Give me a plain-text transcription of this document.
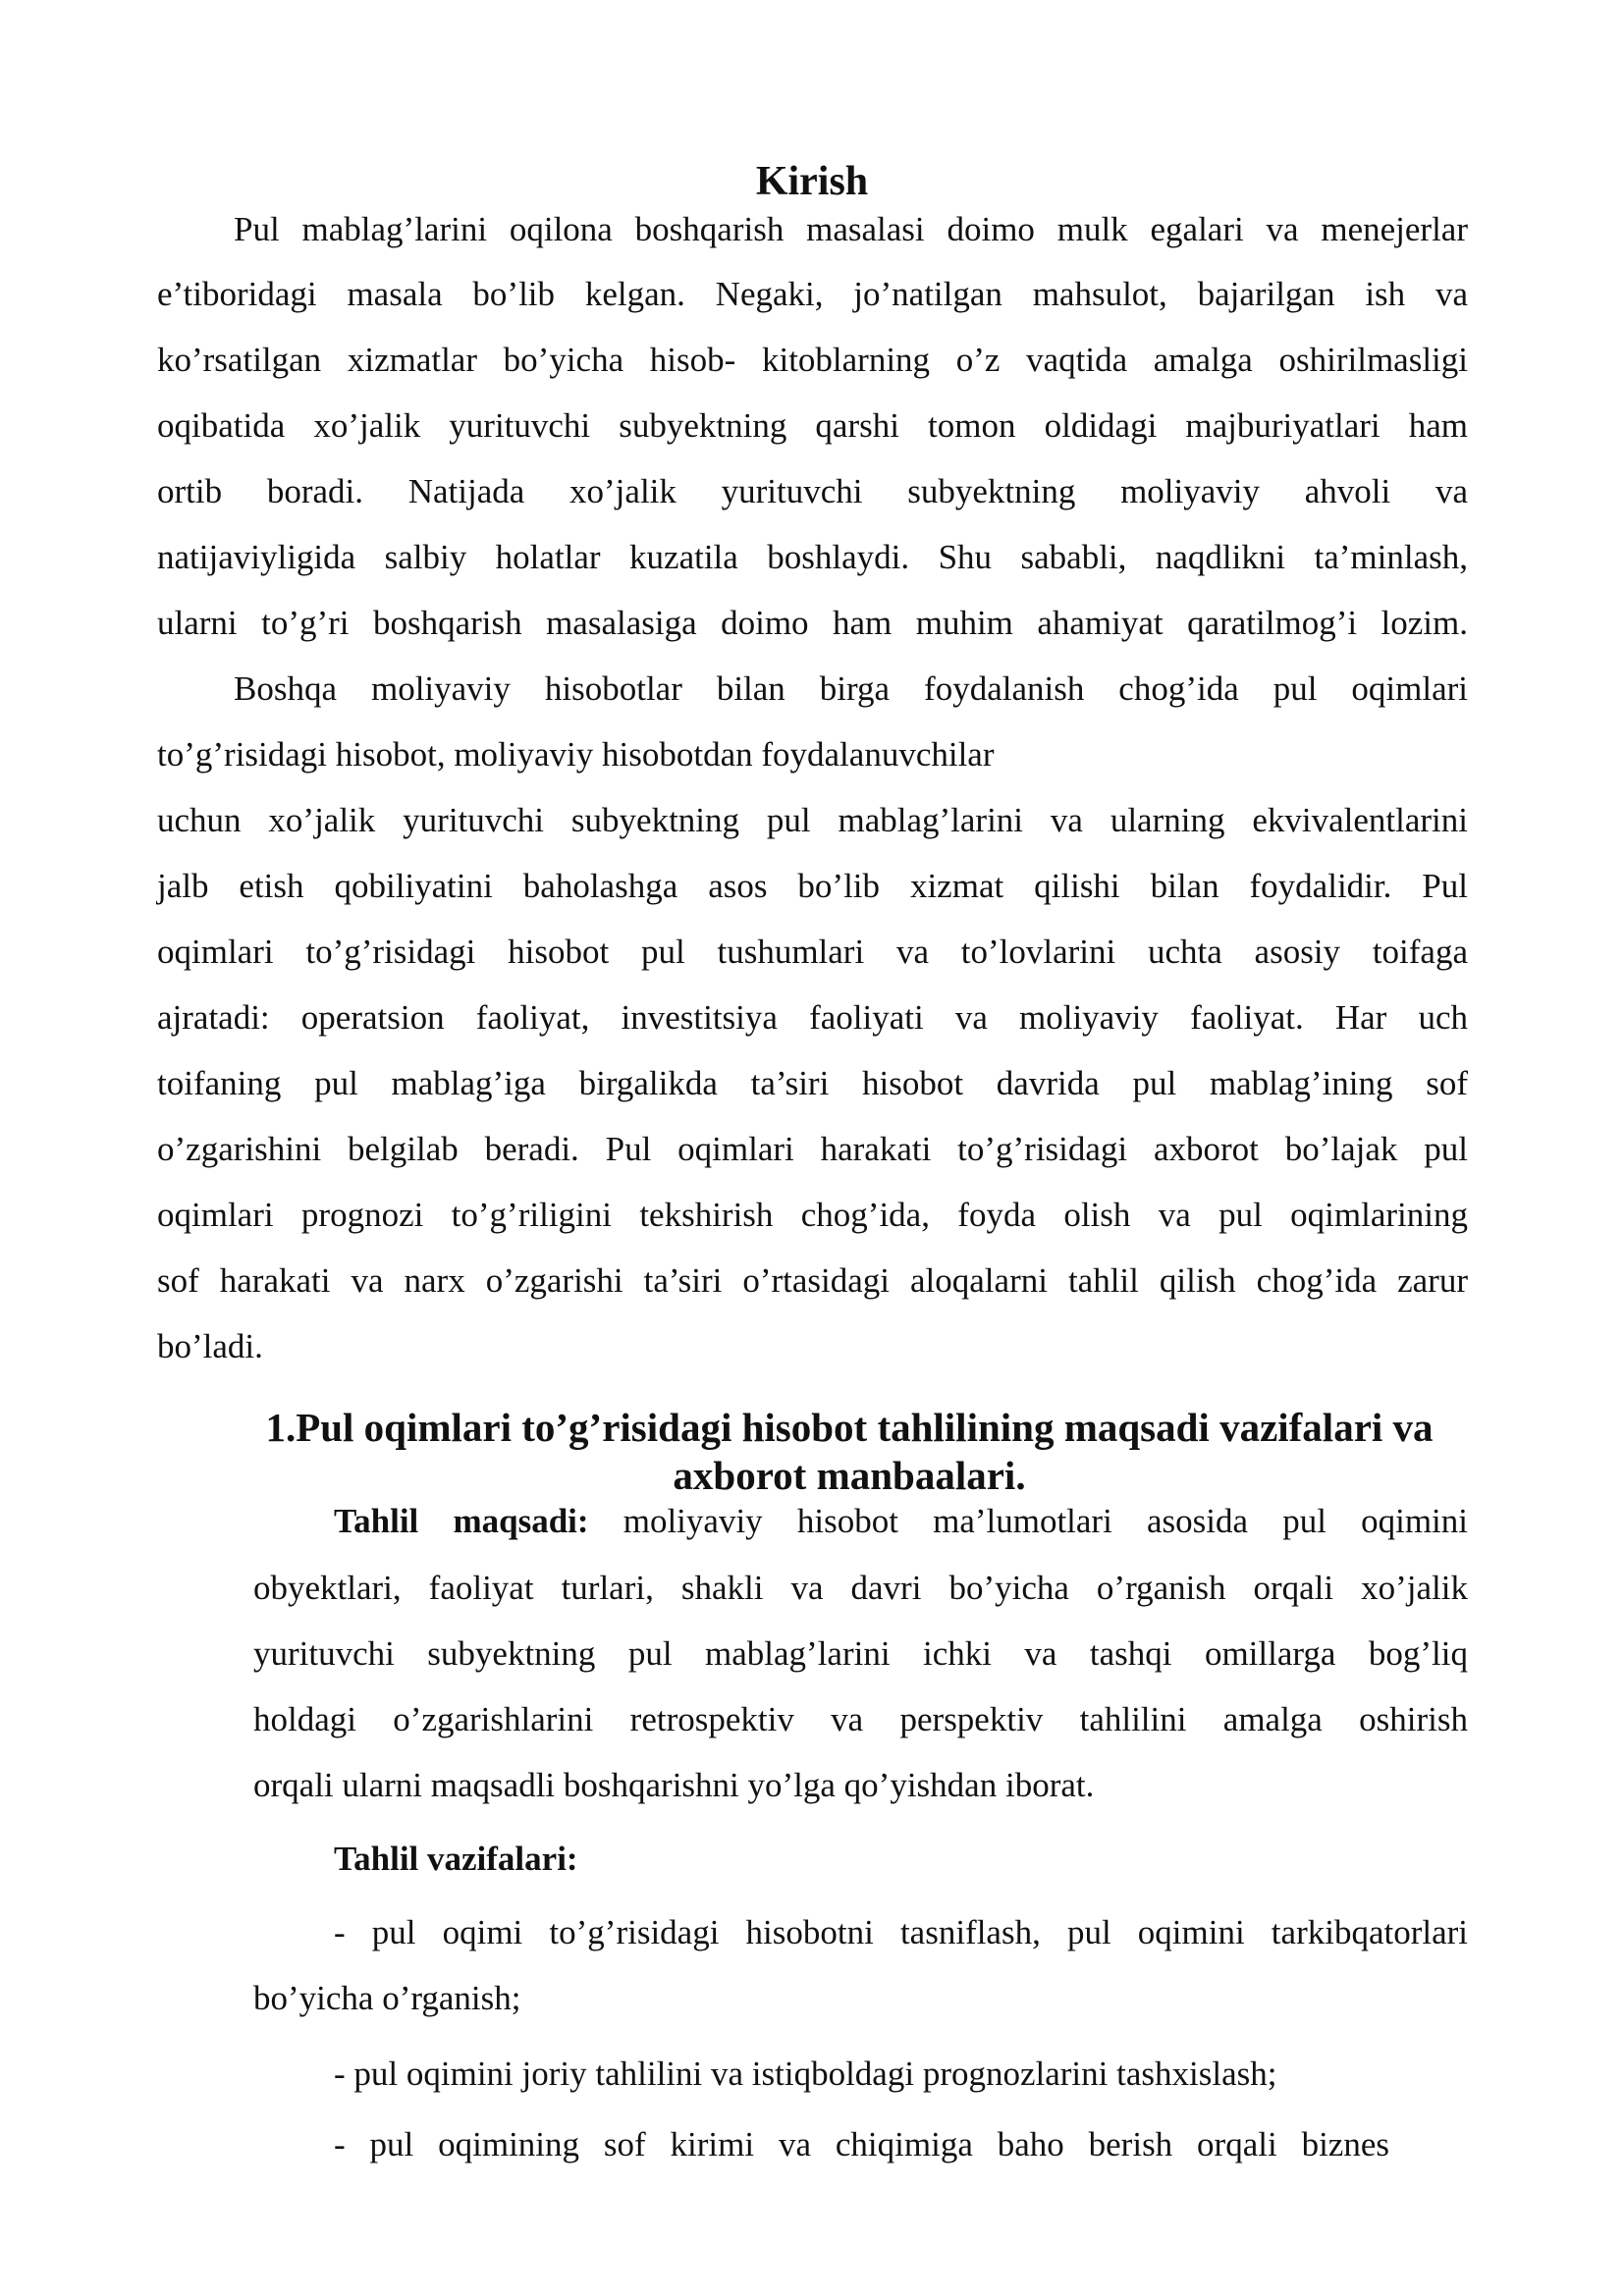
Kirish
Pul mablag’larini oqilona boshqarish masalasi doimo mulk egalari va menejerlar
e’tiboridagi masala bo’lib kelgan. Negaki, jo’natilgan mahsulot, bajarilgan ish va
ko’rsatilgan xizmatlar bo’yicha hisob- kitoblarning o’z vaqtida amalga oshirilmasligi
oqibatida xo’jalik yurituvchi subyektning qarshi tomon oldidagi majburiyatlari ham
ortib boradi. Natijada xo’jalik yurituvchi subyektning moliyaviy ahvoli va
natijaviyligida salbiy holatlar kuzatila boshlaydi. Shu sababli, naqdlikni ta’minlash,
ularni to’g’ri boshqarish masalasiga doimo ham muhim ahamiyat qaratilmog’i lozim.
Boshqa moliyaviy hisobotlar bilan birga foydalanish chog’ida pul oqimlari
to’g’risidagi hisobot, moliyaviy hisobotdan foydalanuvchilar
uchun xo’jalik yurituvchi subyektning pul mablag’larini va ularning ekvivalentlarini
jalb etish qobiliyatini baholashga asos bo’lib xizmat qilishi bilan foydalidir. Pul
oqimlari to’g’risidagi hisobot pul tushumlari va to’lovlarini uchta asosiy toifaga
ajratadi: operatsion faoliyat, investitsiya faoliyati va moliyaviy faoliyat. Har uch
toifaning pul mablag’iga birgalikda ta’siri hisobot davrida pul mablag’ining sof
o’zgarishini belgilab beradi. Pul oqimlari harakati to’g’risidagi axborot bo’lajak pul
oqimlari prognozi to’g’riligini tekshirish chog’ida, foyda olish va pul oqimlarining
sof harakati va narx o’zgarishi ta’siri o’rtasidagi aloqalarni tahlil qilish chog’ida zarur
bo’ladi.
1.Pul oqimlari to’g’risidagi hisobot tahlilining maqsadi vazifalari va
axborot manbaalari.
Tahlil maqsadi: moliyaviy hisobot ma’lumotlari asosida pul oqimini
obyektlari, faoliyat turlari, shakli va davri bo’yicha o’rganish orqali xo’jalik
yurituvchi subyektning pul mablag’larini ichki va tashqi omillarga bog’liq
holdagi o’zgarishlarini retrospektiv va perspektiv tahlilini amalga oshirish
orqali ularni maqsadli boshqarishni yo’lga qo’yishdan iborat.
Tahlil vazifalari:
- pul oqimi to’g’risidagi hisobotni tasniflash, pul oqimini tarkibqatorlari
bo’yicha o’rganish;
- pul oqimini joriy tahlilini va istiqboldagi prognozlarini tashxislash;
- pul oqimining sof kirimi va chiqimiga baho berish orqali biznes
